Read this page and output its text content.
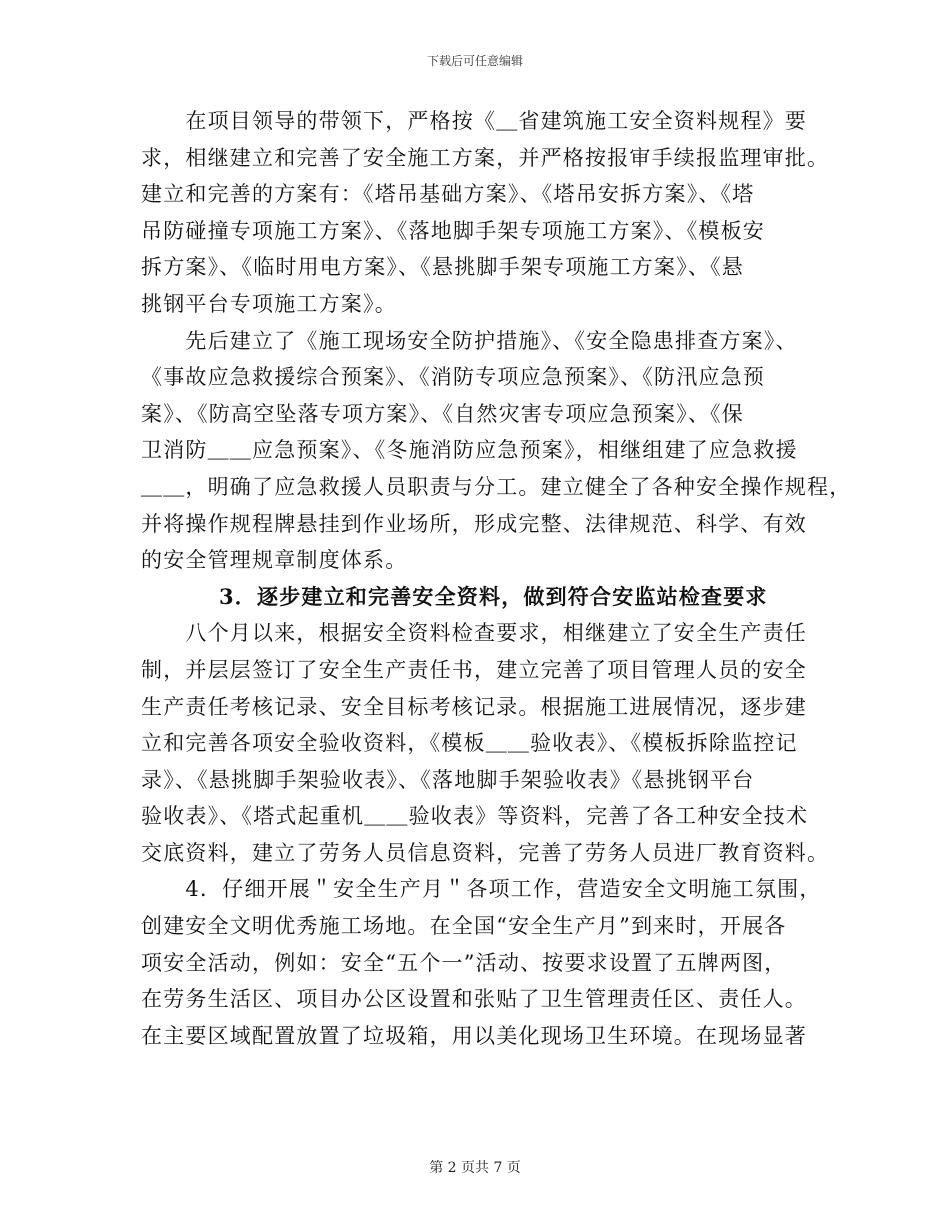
下载后可任意编辑

　　在项目领导的带领下，严格按《＿省建筑施工安全资料规程》要
求，相继建立和完善了安全施工方案，并严格按报审手续报监理审批。
建立和完善的方案有：《塔吊基础方案》、《塔吊安拆方案》、《塔
吊防碰撞专项施工方案》、《落地脚手架专项施工方案》、《模板安
拆方案》、《临时用电方案》、《悬挑脚手架专项施工方案》、《悬
挑钢平台专项施工方案》。

　　先后建立了《施工现场安全防护措施》、《安全隐患排查方案》、
《事故应急救援综合预案》、《消防专项应急预案》、《防汛应急预
案》、《防高空坠落专项方案》、《自然灾害专项应急预案》、《保
卫消防＿＿应急预案》、《冬施消防应急预案》，相继组建了应急救援
＿＿，明确了应急救援人员职责与分工。建立健全了各种安全操作规程，
并将操作规程牌悬挂到作业场所，形成完整、法律规范、科学、有效
的安全管理规章制度体系。

3．逐步建立和完善安全资料，做到符合安监站检查要求

　　八个月以来，根据安全资料检查要求，相继建立了安全生产责任
制，并层层签订了安全生产责任书，建立完善了项目管理人员的安全
生产责任考核记录、安全目标考核记录。根据施工进展情况，逐步建
立和完善各项安全验收资料，《模板＿＿验收表》、《模板拆除监控记
录》、《悬挑脚手架验收表》、《落地脚手架验收表》《悬挑钢平台
验收表》、《塔式起重机＿＿验收表》等资料，完善了各工种安全技术
交底资料，建立了劳务人员信息资料，完善了劳务人员进厂教育资料。

　　4．仔细开展＂安全生产月＂各项工作，营造安全文明施工氛围，
创建安全文明优秀施工场地。在全国“安全生产月”到来时，开展各
项安全活动，例如：安全“五个一”活动、按要求设置了五牌两图，
在劳务生活区、项目办公区设置和张贴了卫生管理责任区、责任人。
在主要区域配置放置了垃圾箱，用以美化现场卫生环境。在现场显著

第 2 页共 7 页
